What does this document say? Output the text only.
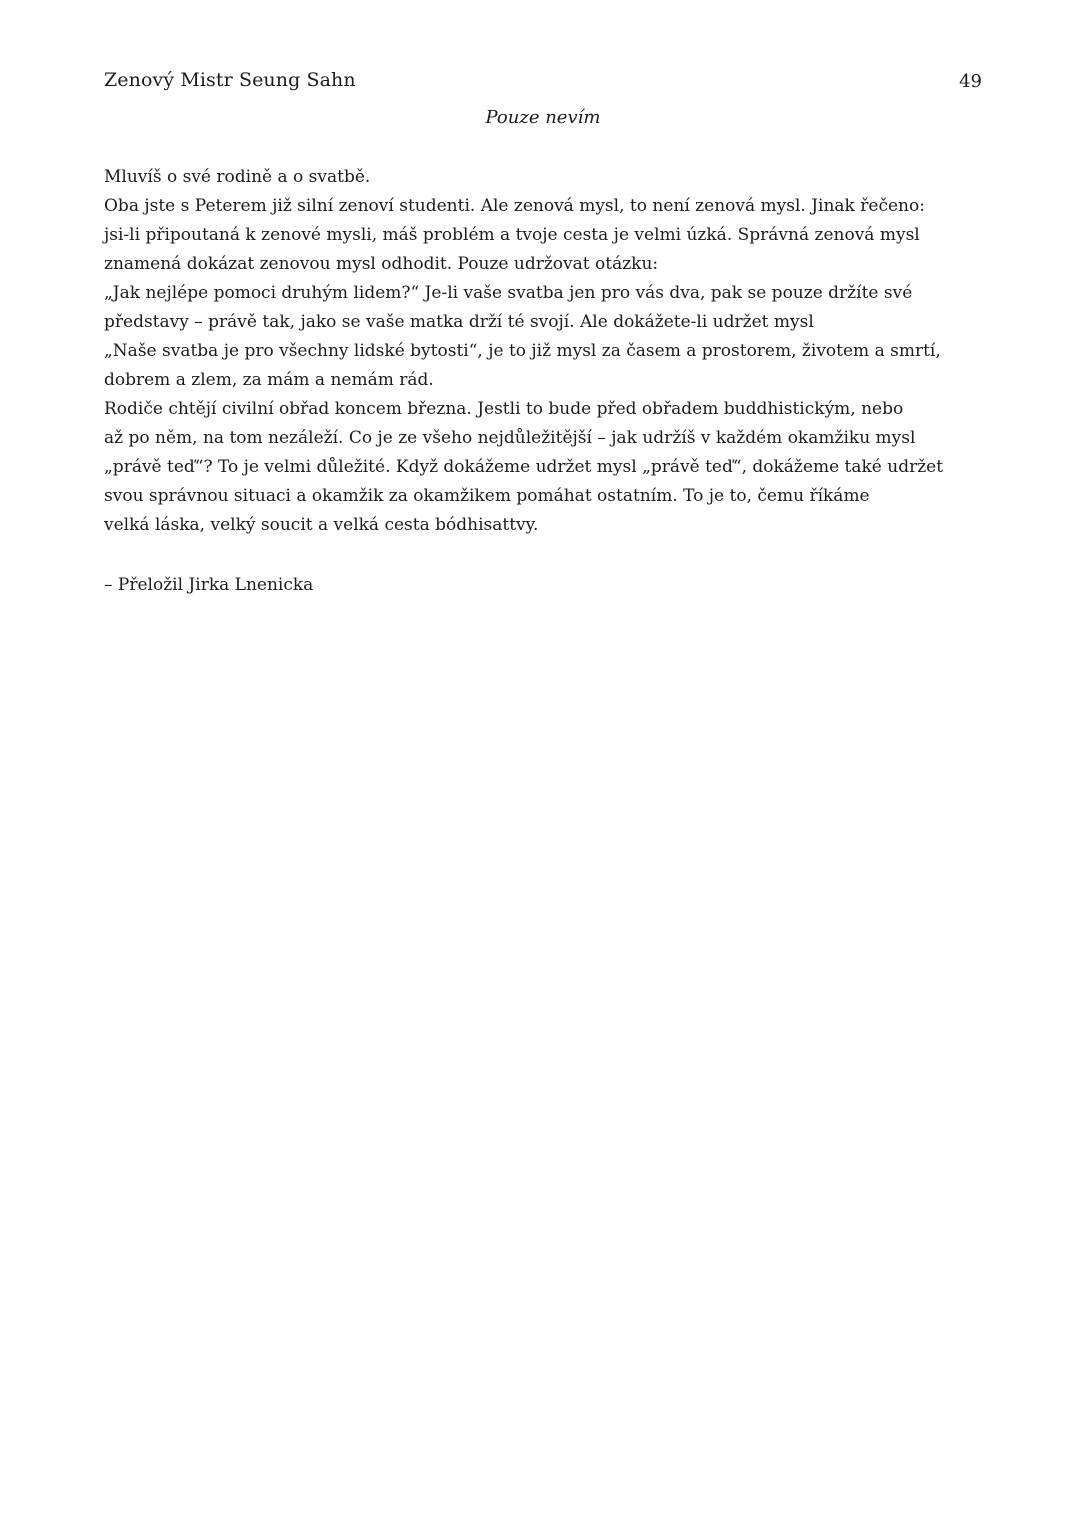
Zenový Mistr Seung Sahn	49
Pouze nevím
Mluvíš o své rodině a o svatbě.
Oba jste s Peterem již silní zenoví studenti. Ale zenová mysl, to není zenová mysl. Jinak řečeno:
jsi-li připoutaná k zenové mysli, máš problém a tvoje cesta je velmi úzká. Správná zenová mysl
znamená dokázat zenovou mysl odhodit. Pouze udržovat otázku:
„Jak nejlépe pomoci druhým lidem?“ Je-li vaše svatba jen pro vás dva, pak se pouze držíte své
představy – právě tak, jako se vaše matka drží té svojí. Ale dokážete-li udržet mysl
„Naše svatba je pro všechny lidské bytosti“, je to již mysl za časem a prostorem, životem a smrtí,
dobrem a zlem, za mám a nemám rád.
Rodiče chtějí civilní obřad koncem března. Jestli to bude před obřadem buddhistickým, nebo
až po něm, na tom nezáleží. Co je ze všeho nejdůležitější – jak udržíš v každém okamžiku mysl
„právě teď“? To je velmi důležité. Když dokážeme udržet mysl „právě teď“, dokážeme také udržet
svou správnou situaci a okamžik za okamžikem pomáhat ostatním. To je to, čemu říkáme
velká láska, velký soucit a velká cesta bódhisattvy.
– Přeložil Jirka Lnenicka
